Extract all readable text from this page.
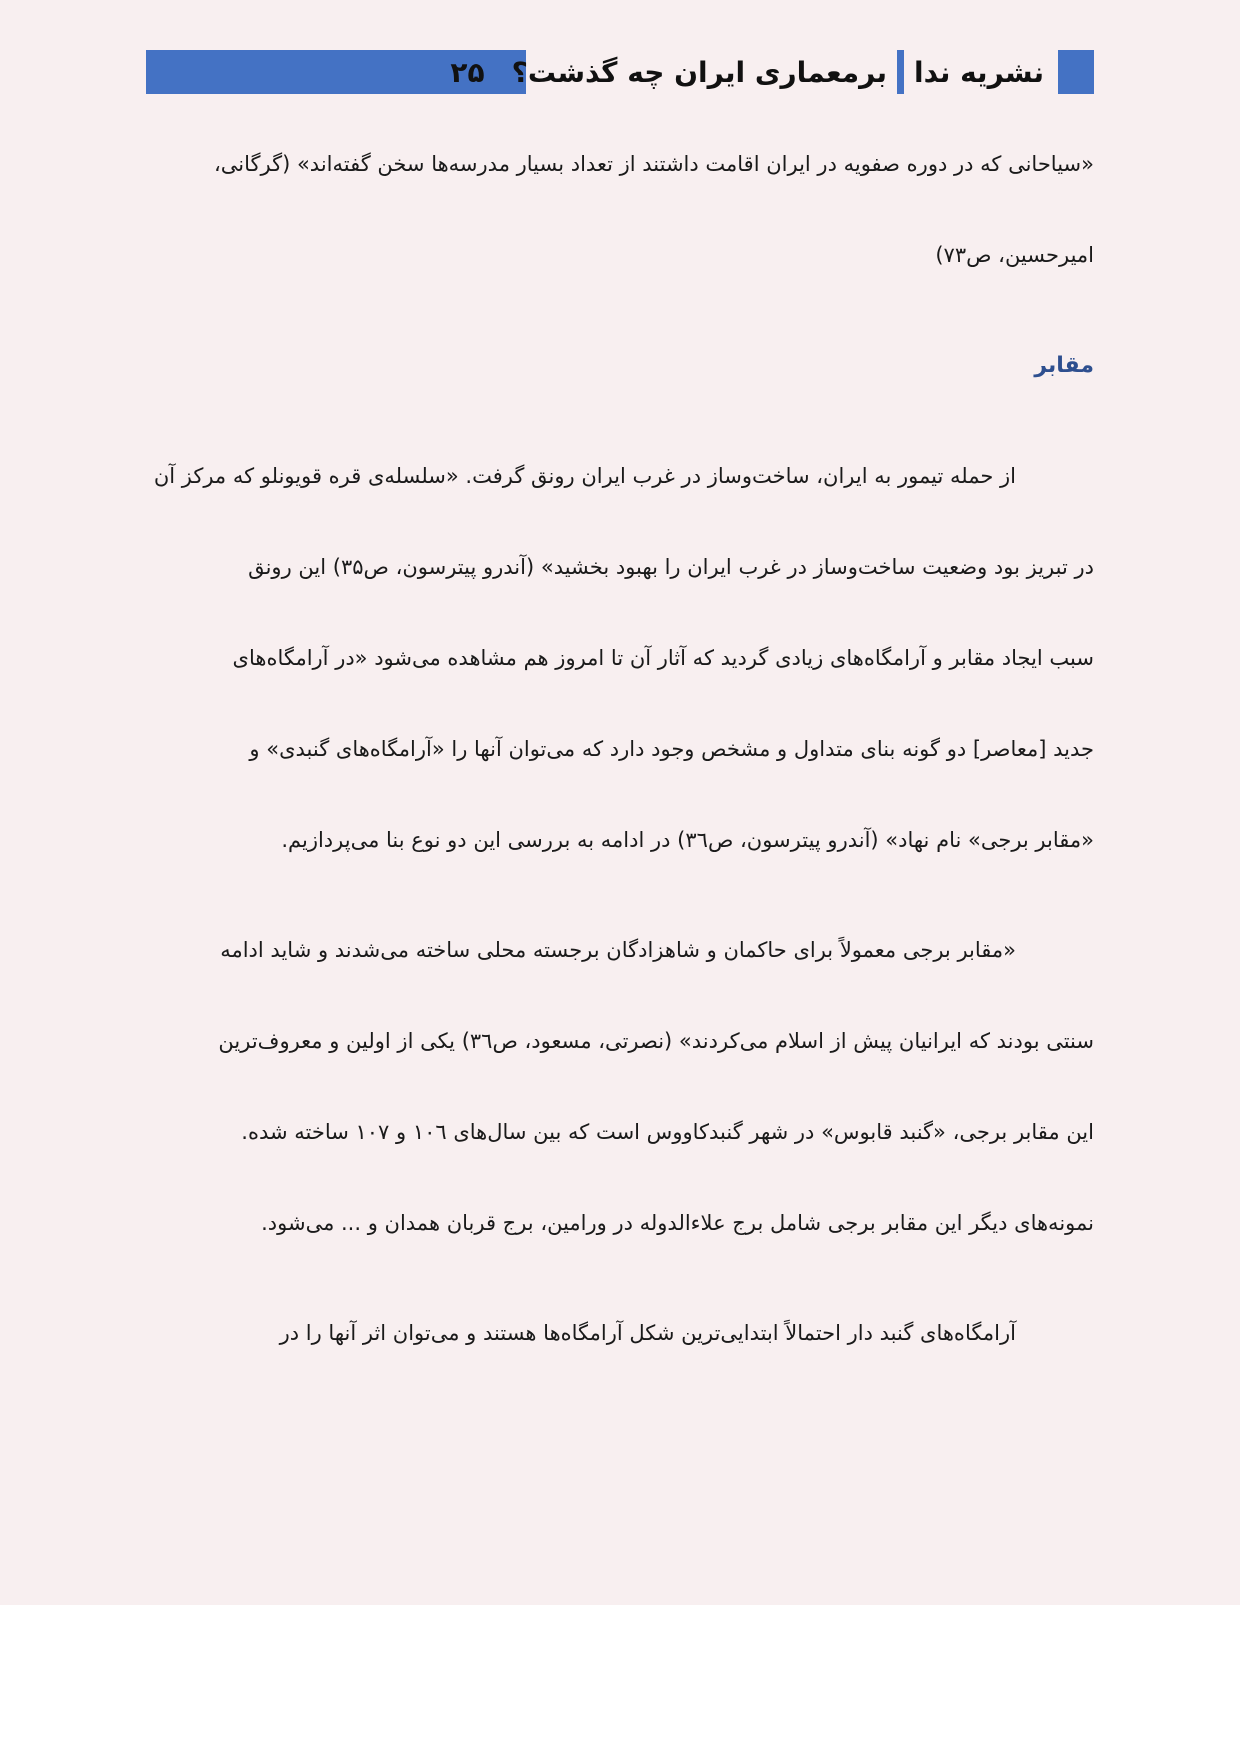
نشریه ندا
برمعماری ایران چه گذشت؟
۲۵
«سیاحانی که در دوره صفویه در ایران اقامت داشتند از تعداد بسیار مدرسه‌ها سخن گفته‌اند» (گرگانی،
امیرحسین، ص۷۳)
مقابر
از حمله تیمور به ایران، ساخت‌وساز در غرب ایران رونق گرفت. «سلسله‌ی قره قویونلو که مرکز آن
در تبریز بود وضعیت ساخت‌وساز در غرب ایران را بهبود بخشید» (آندرو پیترسون، ص۳۵) این رونق
سبب ایجاد مقابر و آرامگاه‌های زیادی گردید که آثار آن تا امروز هم مشاهده می‌شود «در آرامگاه‌های
جدید [معاصر] دو گونه بنای متداول و مشخص وجود دارد که می‌توان آنها را «آرامگاه‌های گنبدی» و
«مقابر برجی» نام نهاد» (آندرو پیترسون، ص۳٦) در ادامه به بررسی این دو نوع بنا می‌پردازیم.
«مقابر برجی معمولاً برای حاکمان و شاهزادگان برجسته محلی ساخته می‌شدند و شاید ادامه
سنتی بودند که ایرانیان پیش از اسلام می‌کردند» (نصرتی، مسعود، ص۳٦) یکی از اولین و معروف‌ترین
این مقابر برجی، «گنبد قابوس» در شهر گنبدکاووس است که بین سال‌های ۱۰٦ و ۱۰۷ ساخته شده.
نمونه‌های دیگر این مقابر برجی شامل برج علاءالدوله در ورامین، برج قربان همدان و ... می‌شود.
آرامگاه‌های گنبد دار احتمالاً ابتدایی‌ترین شکل آرامگاه‌ها هستند و می‌توان اثر آنها را در
